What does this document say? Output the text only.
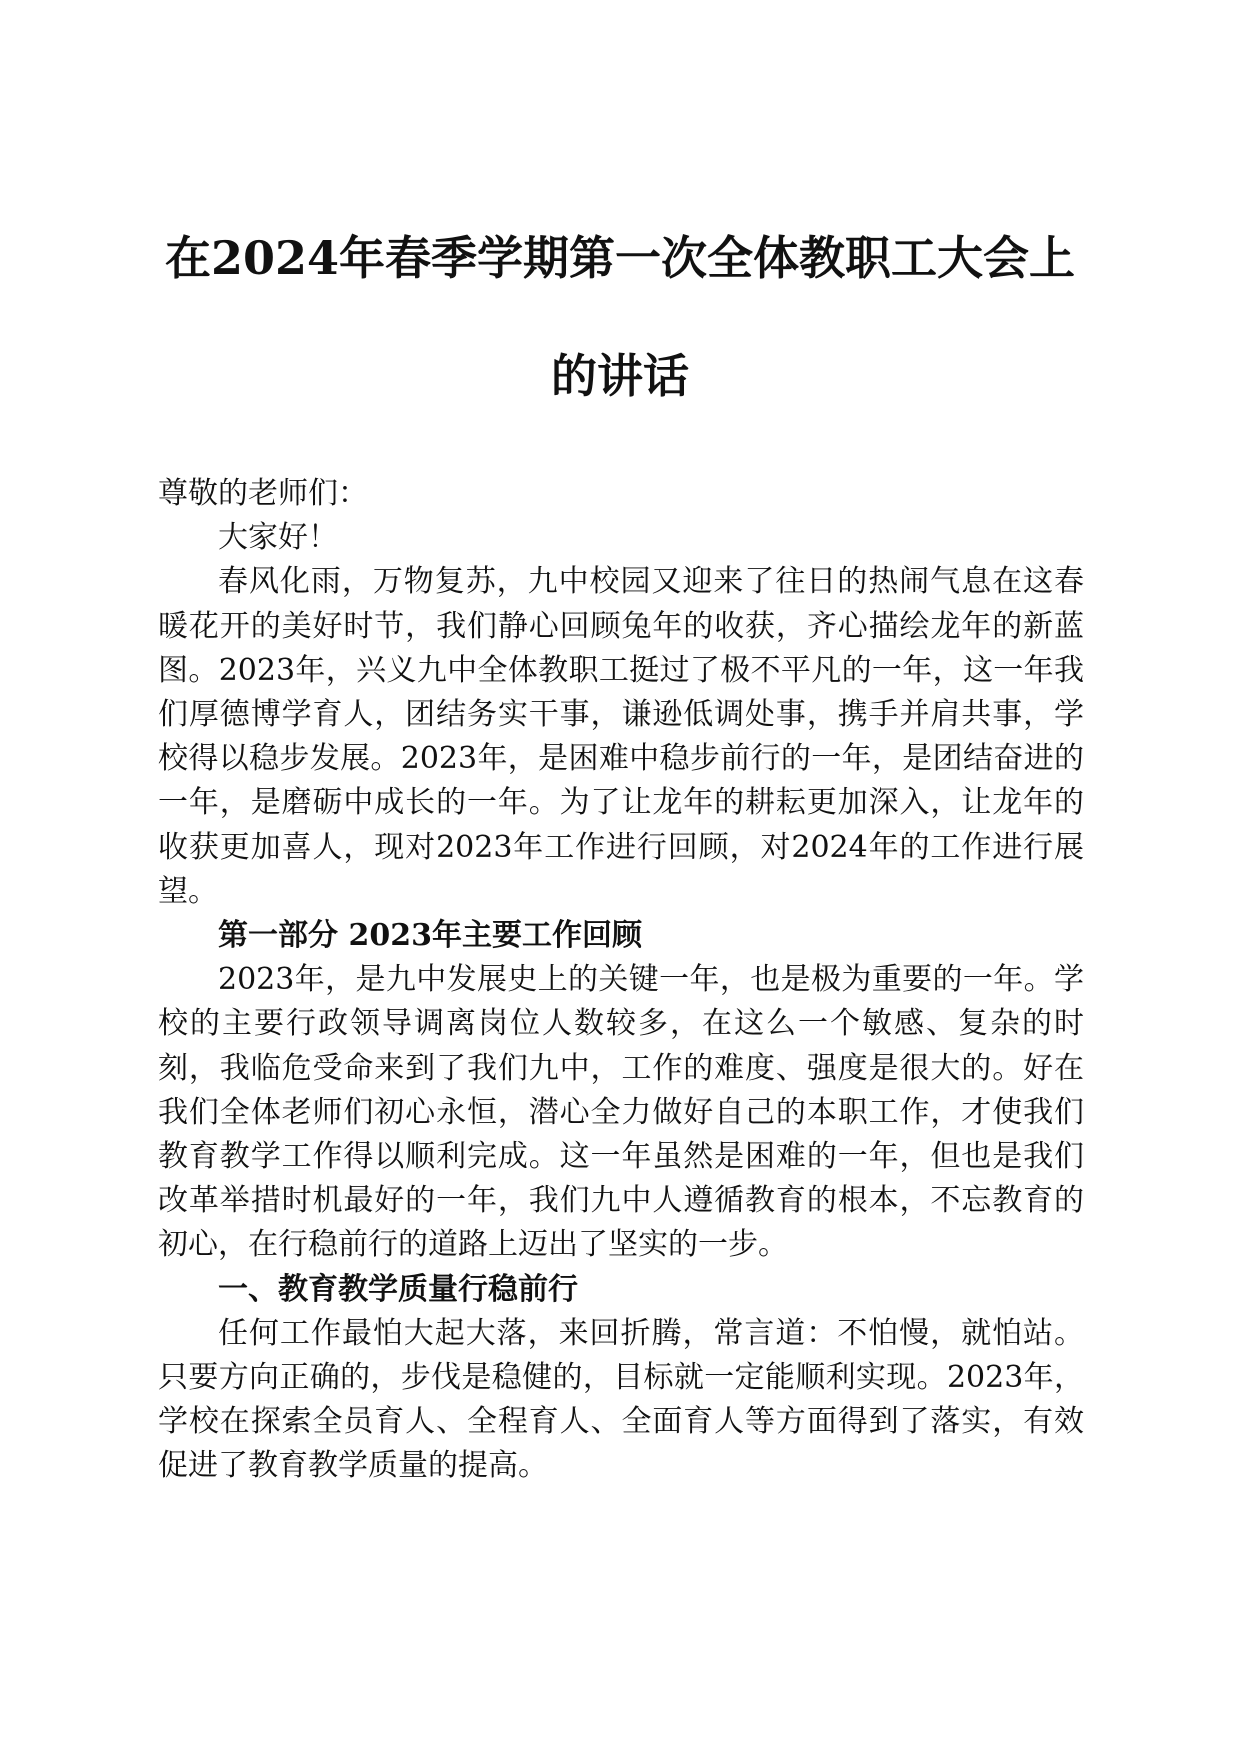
在2024年春季学期第一次全体教职工大会上
的讲话

尊敬的老师们：

大家好！

春风化雨，万物复苏，九中校园又迎来了往日的热闹气息在这春暖花开的美好时节，我们静心回顾兔年的收获，齐心描绘龙年的新蓝图。2023年，兴义九中全体教职工挺过了极不平凡的一年，这一年我们厚德博学育人，团结务实干事，谦逊低调处事，携手并肩共事，学校得以稳步发展。2023年，是困难中稳步前行的一年，是团结奋进的一年，是磨砺中成长的一年。为了让龙年的耕耘更加深入，让龙年的收获更加喜人，现对2023年工作进行回顾，对2024年的工作进行展望。

第一部分 2023年主要工作回顾

2023年，是九中发展史上的关键一年，也是极为重要的一年。学校的主要行政领导调离岗位人数较多，在这么一个敏感、复杂的时刻，我临危受命来到了我们九中，工作的难度、强度是很大的。好在我们全体老师们初心永恒，潜心全力做好自己的本职工作，才使我们教育教学工作得以顺利完成。这一年虽然是困难的一年，但也是我们改革举措时机最好的一年，我们九中人遵循教育的根本，不忘教育的初心，在行稳前行的道路上迈出了坚实的一步。

一、教育教学质量行稳前行

任何工作最怕大起大落，来回折腾，常言道：不怕慢，就怕站。只要方向正确的，步伐是稳健的，目标就一定能顺利实现。2023年，学校在探索全员育人、全程育人、全面育人等方面得到了落实，有效促进了教育教学质量的提高。
